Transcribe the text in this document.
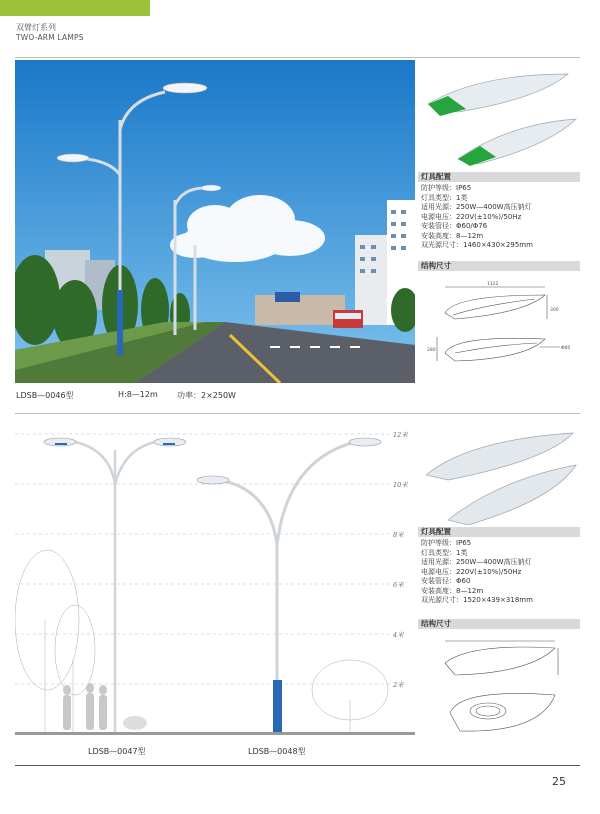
双臂灯系列
TWO-ARM LAMPS
LDSB—0046型	H:8—12m 功率：2×250W
灯具配置
防护等级：IP65
灯具类型：1类
适用光源：250W—400W高压钠灯
电源电压：220V(±10%)/50Hz
安装管径：Φ60/Φ76
安装高度：8—12m
双光源尺寸：1460×430×295mm
结构尺寸
1122
300
280	Φ60
12米
10米
8米
6米
4米
2米
LDSB—0047型	LDSB—0048型
灯具配置
防护等级：IP65
灯具类型：1类
适用光源：250W—400W高压钠灯
电源电压：220V(±10%)/50Hz
安装管径：Φ60
安装高度：8—12m
双光源尺寸：1520×439×318mm
结构尺寸
25
